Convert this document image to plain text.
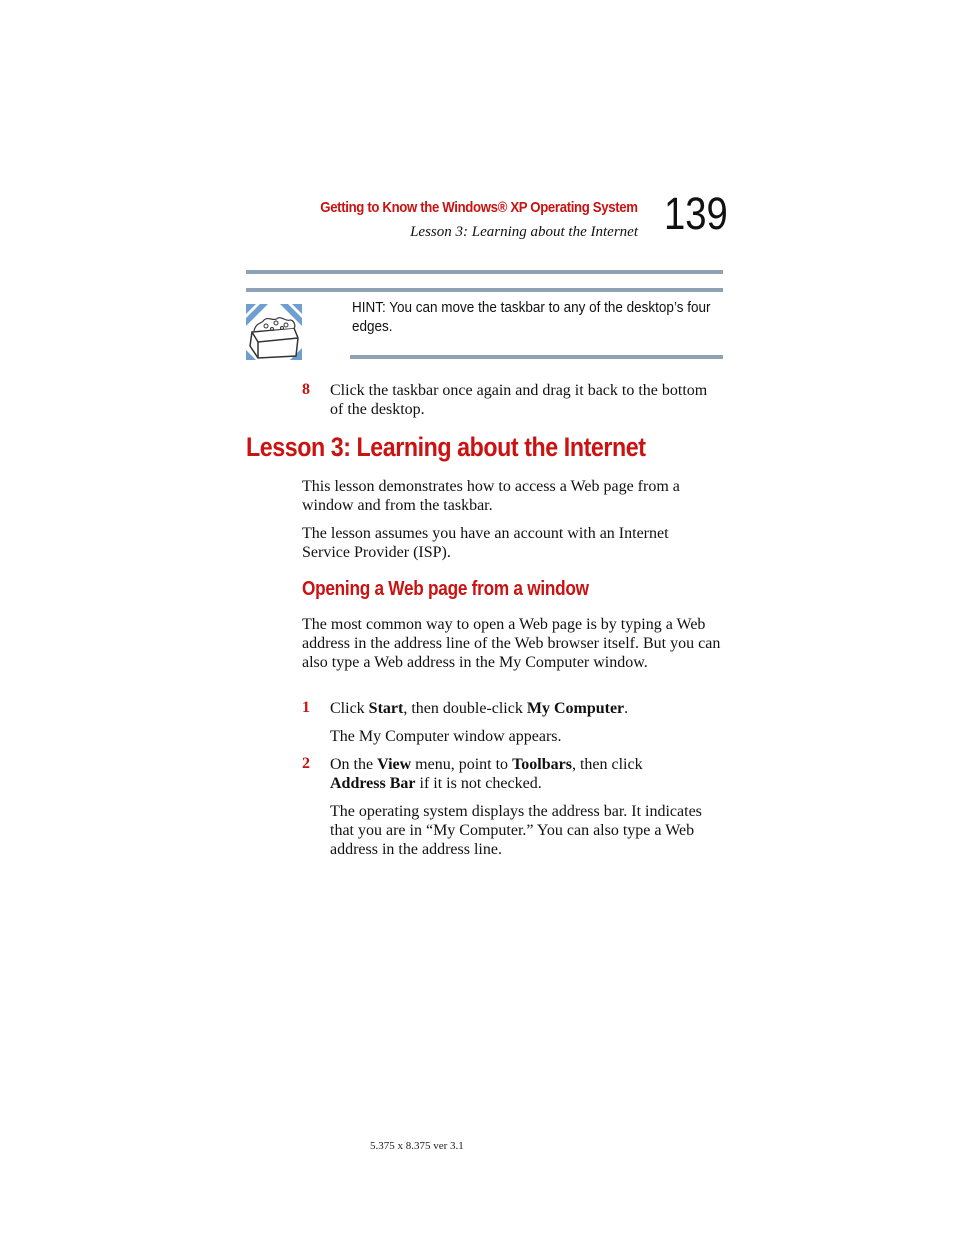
Getting to Know the Windows® XP Operating System
Lesson 3: Learning about the Internet 139
HINT: You can move the taskbar to any of the desktop’s four edges.
8 Click the taskbar once again and drag it back to the bottom of the desktop.
Lesson 3: Learning about the Internet
This lesson demonstrates how to access a Web page from a window and from the taskbar.
The lesson assumes you have an account with an Internet Service Provider (ISP).
Opening a Web page from a window
The most common way to open a Web page is by typing a Web address in the address line of the Web browser itself. But you can also type a Web address in the My Computer window.
1 Click Start, then double-click My Computer.
The My Computer window appears.
2 On the View menu, point to Toolbars, then click Address Bar if it is not checked.
The operating system displays the address bar. It indicates that you are in “My Computer.” You can also type a Web address in the address line.
5.375 x 8.375 ver 3.1
